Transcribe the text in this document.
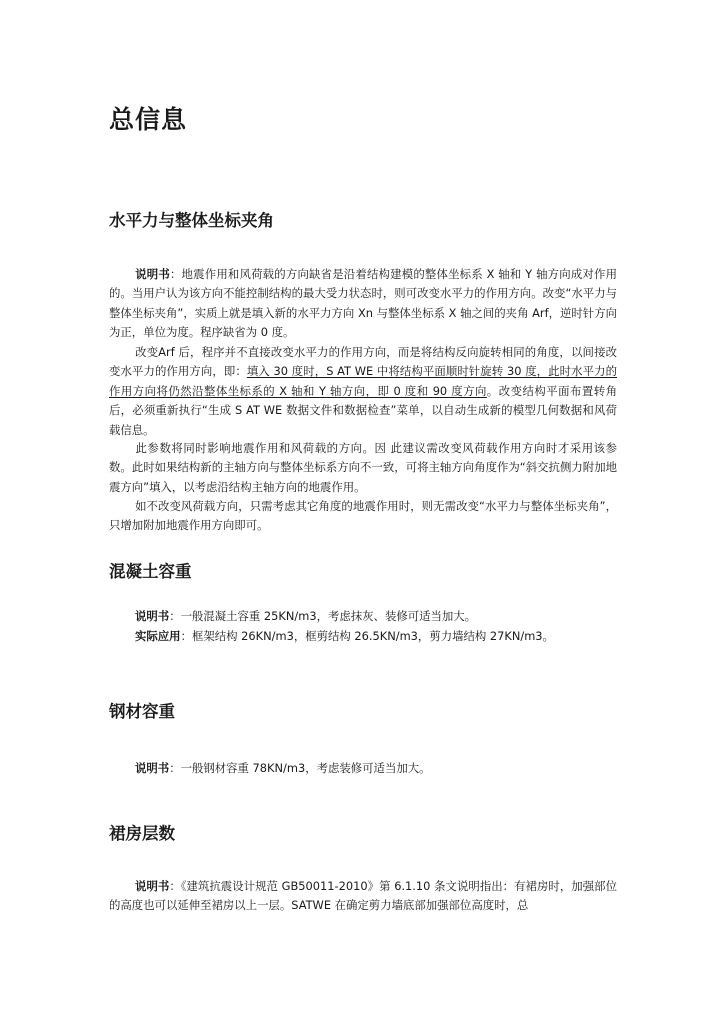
总信息
水平力与整体坐标夹角

说明书：地震作用和风荷载的方向缺省是沿着结构建模的整体坐标系 X 轴和 Y 轴方向成对作用的。当用户认为该方向不能控制结构的最大受力状态时，则可改变水平力的作用方向。改变“水平力与整体坐标夹角”，实质上就是填入新的水平力方向 Xn 与整体坐标系 X 轴之间的夹角 Arf，逆时针方向为正，单位为度。程序缺省为 0 度。

改变Arf 后，程序并不直接改变水平力的作用方向，而是将结构反向旋转相同的角度，以间接改变水平力的作用方向，即：填入 30 度时，S AT WE 中将结构平面顺时针旋转 30 度，此时水平力的作用方向将仍然沿整体坐标系的 X 轴和 Y 轴方向，即 0 度和 90 度方向。改变结构平面布置转角后，必须重新执行“生成 S AT WE 数据文件和数据检查”菜单，以自动生成新的模型几何数据和风荷载信息。

此参数将同时影响地震作用和风荷载的方向。因 此建议需改变风荷载作用方向时才采用该参数。此时如果结构新的主轴方向与整体坐标系方向不一致，可将主轴方向角度作为“斜交抗侧力附加地震方向”填入，以考虑沿结构主轴方向的地震作用。

如不改变风荷载方向，只需考虑其它角度的地震作用时，则无需改变“水平力与整体坐标夹角”，只增加附加地震作用方向即可。

混凝土容重

说明书：一般混凝土容重 25KN/m3，考虑抹灰、装修可适当加大。

实际应用：框架结构 26KN/m3，框剪结构 26.5KN/m3，剪力墙结构 27KN/m3。

钢材容重

说明书：一般钢材容重 78KN/m3，考虑装修可适当加大。

裙房层数

说明书：《建筑抗震设计规范 GB50011-2010》第 6.1.10 条文说明指出：有裙房时，加强部位的高度也可以延伸至裙房以上一层。SATWE 在确定剪力墙底部加强部位高度时，总
